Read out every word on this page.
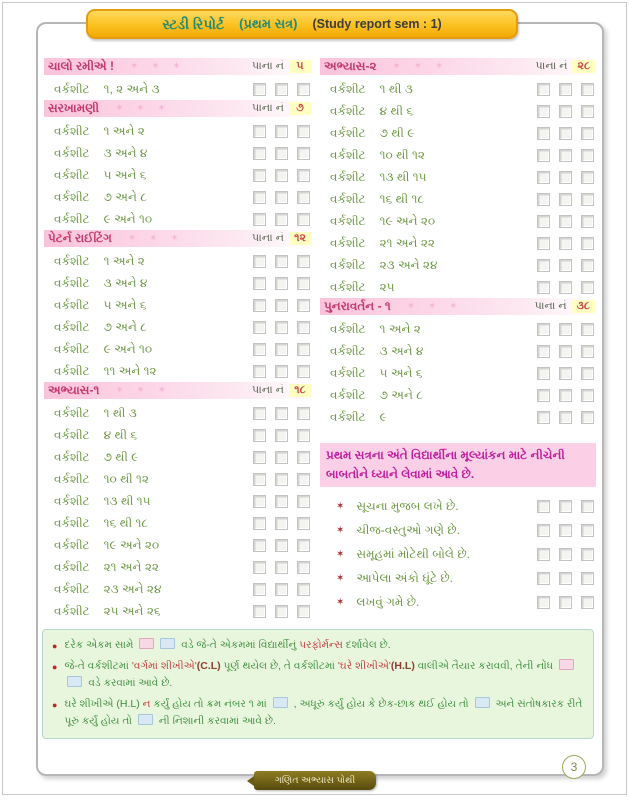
સ્ટડી રિપોર્ટ (પ્રથમ સત્ર) (Study report sem : 1)
ચાલો રમીએ ! ✶ ✶ ✶	પાના નં	૫
વર્કશીટ ૧, ૨ અને ૩
સરખામણી ✶ ✶ ✶	પાના નં	૭
વર્કશીટ ૧ અને ૨
વર્કશીટ ૩ અને ૪
વર્કશીટ ૫ અને ૬
વર્કશીટ ૭ અને ૮
વર્કશીટ ૯ અને ૧૦
પેટર્ન રાઈટિંગ ✶ ✶ ✶	પાના નં ૧૨
વર્કશીટ ૧ અને ૨
વર્કશીટ ૩ અને ૪
વર્કશીટ ૫ અને ૬
વર્કશીટ ૭ અને ૮
વર્કશીટ ૯ અને ૧૦
વર્કશીટ ૧૧ અને ૧૨
અભ્યાસ-૧ ✶ ✶ ✶	પાના નં ૧૮
વર્કશીટ ૧ થી ૩
વર્કશીટ ૪ થી ૬
વર્કશીટ ૭ થી ૯
વર્કશીટ ૧૦ થી ૧૨
વર્કશીટ ૧૩ થી ૧૫
વર્કશીટ ૧૬ થી ૧૮
વર્કશીટ ૧૯ અને ૨૦
વર્કશીટ ૨૧ અને ૨૨
વર્કશીટ ૨૩ અને ૨૪
વર્કશીટ ૨૫ અને ૨૬
અભ્યાસ-૨ ✶ ✶ ✶	પાના નં ૨૮
વર્કશીટ ૧ થી ૩
વર્કશીટ ૪ થી ૬
વર્કશીટ ૭ થી ૯
વર્કશીટ ૧૦ થી ૧૨
વર્કશીટ ૧૩ થી ૧૫
વર્કશીટ ૧૬ થી ૧૮
વર્કશીટ ૧૯ અને ૨૦
વર્કશીટ ૨૧ અને ૨૨
વર્કશીટ ૨૩ અને ૨૪
વર્કશીટ ૨૫
પુનરાવર્તન - ૧ ✶ ✶ ✶	પાના નં ૩૮
વર્કશીટ ૧ અને ૨
વર્કશીટ ૩ અને ૪
વર્કશીટ ૫ અને ૬
વર્કશીટ ૭ અને ૮
વર્કશીટ ૯
પ્રથમ સત્રના અંતે વિદ્યાર્થીના મૂલ્યાંકન માટે નીચેની બાબતોને ધ્યાને લેવામાં આવે છે.
✶ સૂચના મુજબ લખે છે.
✶ ચીજ-વસ્તુઓ ગણે છે.
✶ સમૂહમાં મોટેથી બોલે છે.
✶ આપેલા અંકો ઘૂંટે છે.
✶ લખવું ગમે છે.
● દરેક એકમ સામે	વડે જે-તે એકમમાં વિદ્યાર્થીનું પરફોર્મન્સ દર્શાવેલ છે.
● જે-તે વર્કશીટમાં 'વર્ગમાં શીખીએ'(C.L) પૂર્ણ થયેલ છે, તે વર્કશીટમાં 'ઘરે શીખીએ'(H.L) વાલીએ તૈયાર કરાવવી, તેની નોંધ  વડે કરવામાં આવે છે.
● ઘરે શીખીએ (H.L) ન કર્યું હોય તો ક્રમ નંબર ૧ માં  , અધૂરું કર્યું હોય કે છેક-છાક થઈ હોય તો  અને સંતોષકારક રીતે પૂરું કર્યું હોય તો  ની નિશાની કરવામાં આવે છે.
ગણિત અભ્યાસ પોથી
3
